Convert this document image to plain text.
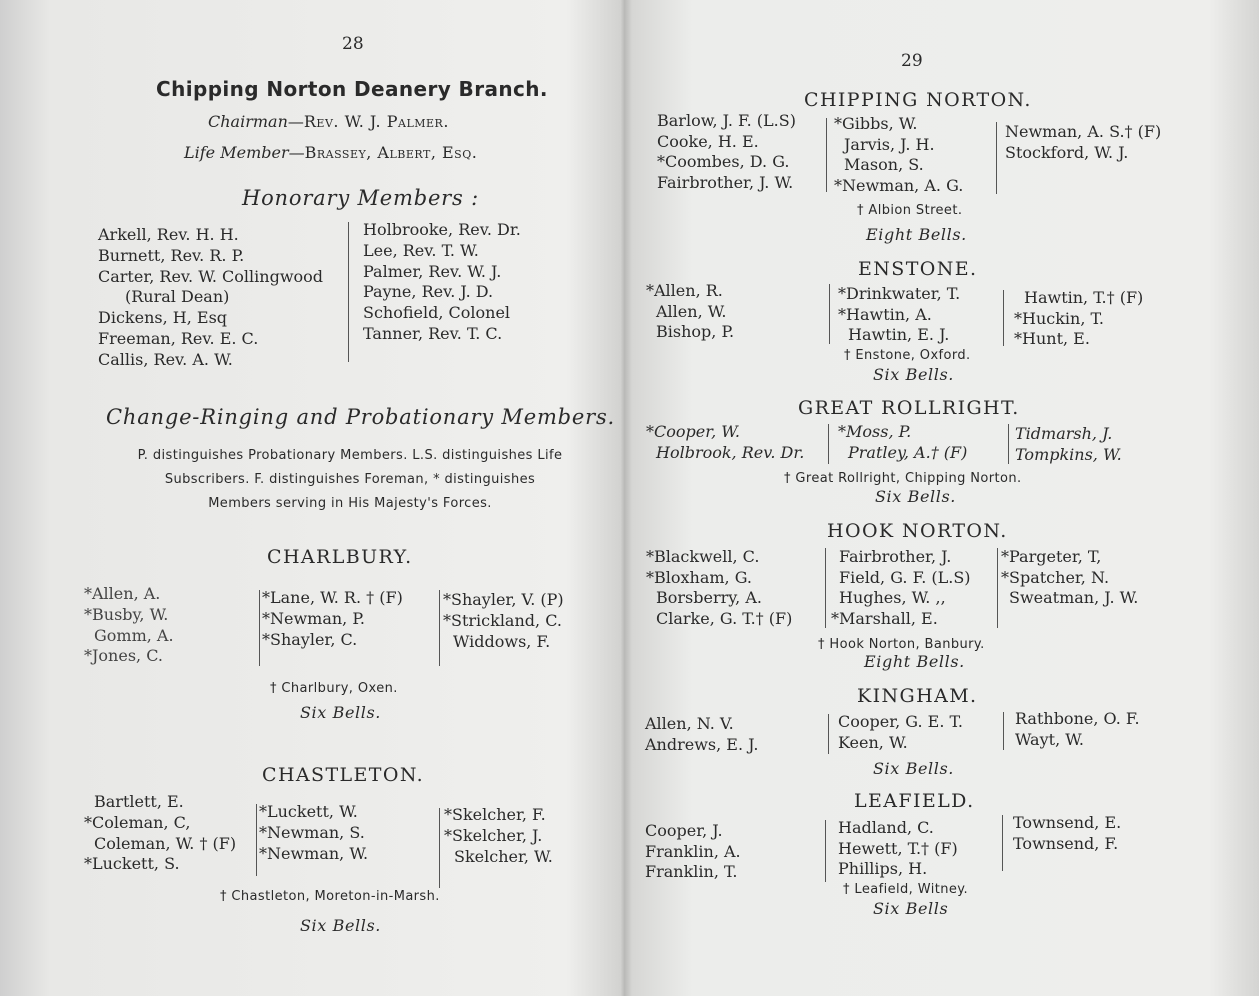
28
Chipping Norton Deanery Branch.
Chairman—Rev. W. J. Palmer.
Life Member—Brassey, Albert, Esq.
Honorary Members :
Arkell, Rev. H. H.
Burnett, Rev. R. P.
Carter, Rev. W. Collingwood
(Rural Dean)
Dickens, H, Esq
Freeman, Rev. E. C.
Callis, Rev. A. W.
Holbrooke, Rev. Dr.
Lee, Rev. T. W.
Palmer, Rev. W. J.
Payne, Rev. J. D.
Schofield, Colonel
Tanner, Rev. T. C.
Change-Ringing and Probationary Members.
P. distinguishes Probationary Members. L.S. distinguishes Life
Subscribers. F. distinguishes Foreman, * distinguishes
Members serving in His Majesty's Forces.
CHARLBURY.
*Allen, A.
*Busby, W.
Gomm, A.
*Jones, C.
*Lane, W. R. † (F)
*Newman, P.
*Shayler, C.
*Shayler, V. (P)
*Strickland, C.
Widdows, F.
† Charlbury, Oxen.
Six Bells.
CHASTLETON.
Bartlett, E.
*Coleman, C,
Coleman, W. † (F)
*Luckett, S.
*Luckett, W.
*Newman, S.
*Newman, W.
*Skelcher, F.
*Skelcher, J.
Skelcher, W.
† Chastleton, Moreton-in-Marsh.
Six Bells.
29
CHIPPING NORTON.
Barlow, J. F. (L.S)
Cooke, H. E.
*Coombes, D. G.
Fairbrother, J. W.
*Gibbs, W.
Jarvis, J. H.
Mason, S.
*Newman, A. G.
Newman, A. S.† (F)
Stockford, W. J.
† Albion Street.
Eight Bells.
ENSTONE.
*Allen, R.
Allen, W.
Bishop, P.
*Drinkwater, T.
*Hawtin, A.
Hawtin, E. J.
Hawtin, T.† (F)
*Huckin, T.
*Hunt, E.
† Enstone, Oxford.
Six Bells.
GREAT ROLLRIGHT.
*Cooper, W.
Holbrook, Rev. Dr.
*Moss, P.
Pratley, A.† (F)
Tidmarsh, J.
Tompkins, W.
† Great Rollright, Chipping Norton.
Six Bells.
HOOK NORTON.
*Blackwell, C.
*Bloxham, G.
Borsberry, A.
Clarke, G. T.† (F)
Fairbrother, J.
Field, G. F. (L.S)
Hughes, W. ,,
*Marshall, E.
*Pargeter, T,
*Spatcher, N.
Sweatman, J. W.
† Hook Norton, Banbury.
Eight Bells.
KINGHAM.
Allen, N. V.
Andrews, E. J.
Cooper, G. E. T.
Keen, W.
Rathbone, O. F.
Wayt, W.
Six Bells.
LEAFIELD.
Cooper, J.
Franklin, A.
Franklin, T.
Hadland, C.
Hewett, T.† (F)
Phillips, H.
Townsend, E.
Townsend, F.
† Leafield, Witney.
Six Bells
